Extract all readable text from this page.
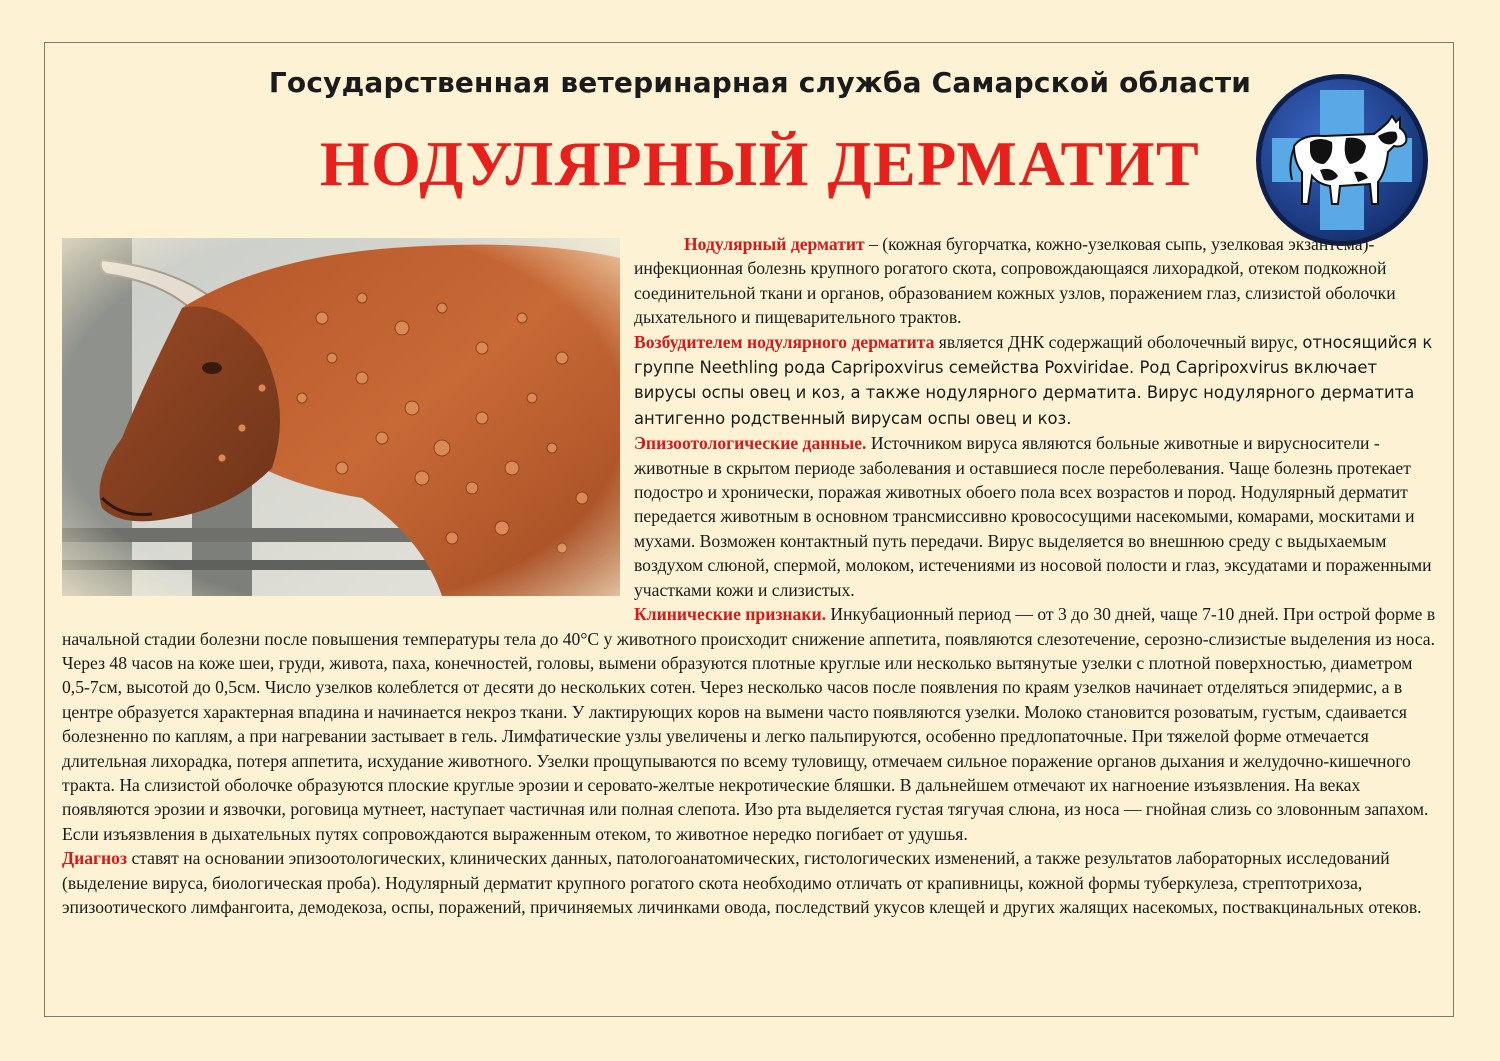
Государственная ветеринарная служба Самарской области
НОДУЛЯРНЫЙ ДЕРМАТИТ

Нодулярный дерматит – (кожная бугорчатка, кожно-узелковая сыпь, узелковая экзантема)-инфекционная болезнь крупного рогатого скота, сопровождающаяся лихорадкой, отеком подкожной соединительной ткани и органов, образованием кожных узлов, поражением глаз, слизистой оболочки дыхательного и пищеварительного трактов.

Возбудителем нодулярного дерматита является ДНК содержащий оболочечный вирус, относящийся к группе Neethling рода Capripoxvirus семейства Poxviridae. Род Capripoxvirus включает вирусы оспы овец и коз, а также нодулярного дерматита. Вирус нодулярного дерматита антигенно родственный вирусам оспы овец и коз.

Эпизоотологические данные. Источником вируса являются больные животные и вирусносители - животные в скрытом периоде заболевания и оставшиеся после переболевания. Чаще болезнь протекает подостро и хронически, поражая животных обоего пола всех возрастов и пород. Нодулярный дерматит передается животным в основном трансмиссивно кровососущими насекомыми, комарами, москитами и мухами. Возможен контактный путь передачи. Вирус выделяется во внешнюю среду с выдыхаемым воздухом слюной, спермой, молоком, истечениями из носовой полости и глаз, эксудатами и пораженными участками кожи и слизистых.

Клинические признаки. Инкубационный период — от 3 до 30 дней, чаще 7-10 дней. При острой форме в начальной стадии болезни после повышения температуры тела до 40°С у животного происходит снижение аппетита, появляются слезотечение, серозно-слизистые выделения из носа. Через 48 часов на коже шеи, груди, живота, паха, конечностей, головы, вымени образуются плотные круглые или несколько вытянутые узелки с плотной поверхностью, диаметром 0,5-7см, высотой до 0,5см. Число узелков колеблется от десяти до нескольких сотен. Через несколько часов после появления по краям узелков начинает отделяться эпидермис, а в центре образуется характерная впадина и начинается некроз ткани. У лактирующих коров на вымени часто появляются узелки. Молоко становится розоватым, густым, сдаивается болезненно по каплям, а при нагревании застывает в гель. Лимфатические узлы увеличены и легко пальпируются, особенно предлопаточные. При тяжелой форме отмечается длительная лихорадка, потеря аппетита, исхудание животного. Узелки прощупываются по всему туловищу, отмечаем сильное поражение органов дыхания и желудочно-кишечного тракта. На слизистой оболочке образуются плоские круглые эрозии и серовато-желтые некротические бляшки. В дальнейшем отмечают их нагноение изъязвления. На веках появляются эрозии и язвочки, роговица мутнеет, наступает частичная или полная слепота. Изо рта выделяется густая тягучая слюна, из носа — гнойная слизь со зловонным запахом. Если изъязвления в дыхательных путях сопровождаются выраженным отеком, то животное нередко погибает от удушья.

Диагноз ставят на основании эпизоотологических, клинических данных, патологоанатомических, гистологических изменений, а также результатов лабораторных исследований (выделение вируса, биологическая проба). Нодулярный дерматит крупного рогатого скота необходимо отличать от крапивницы, кожной формы туберкулеза, стрептотрихоза, эпизоотического лимфангоита, демодекоза, оспы, поражений, причиняемых личинками овода, последствий укусов клещей и других жалящих насекомых, поствакцинальных отеков.
